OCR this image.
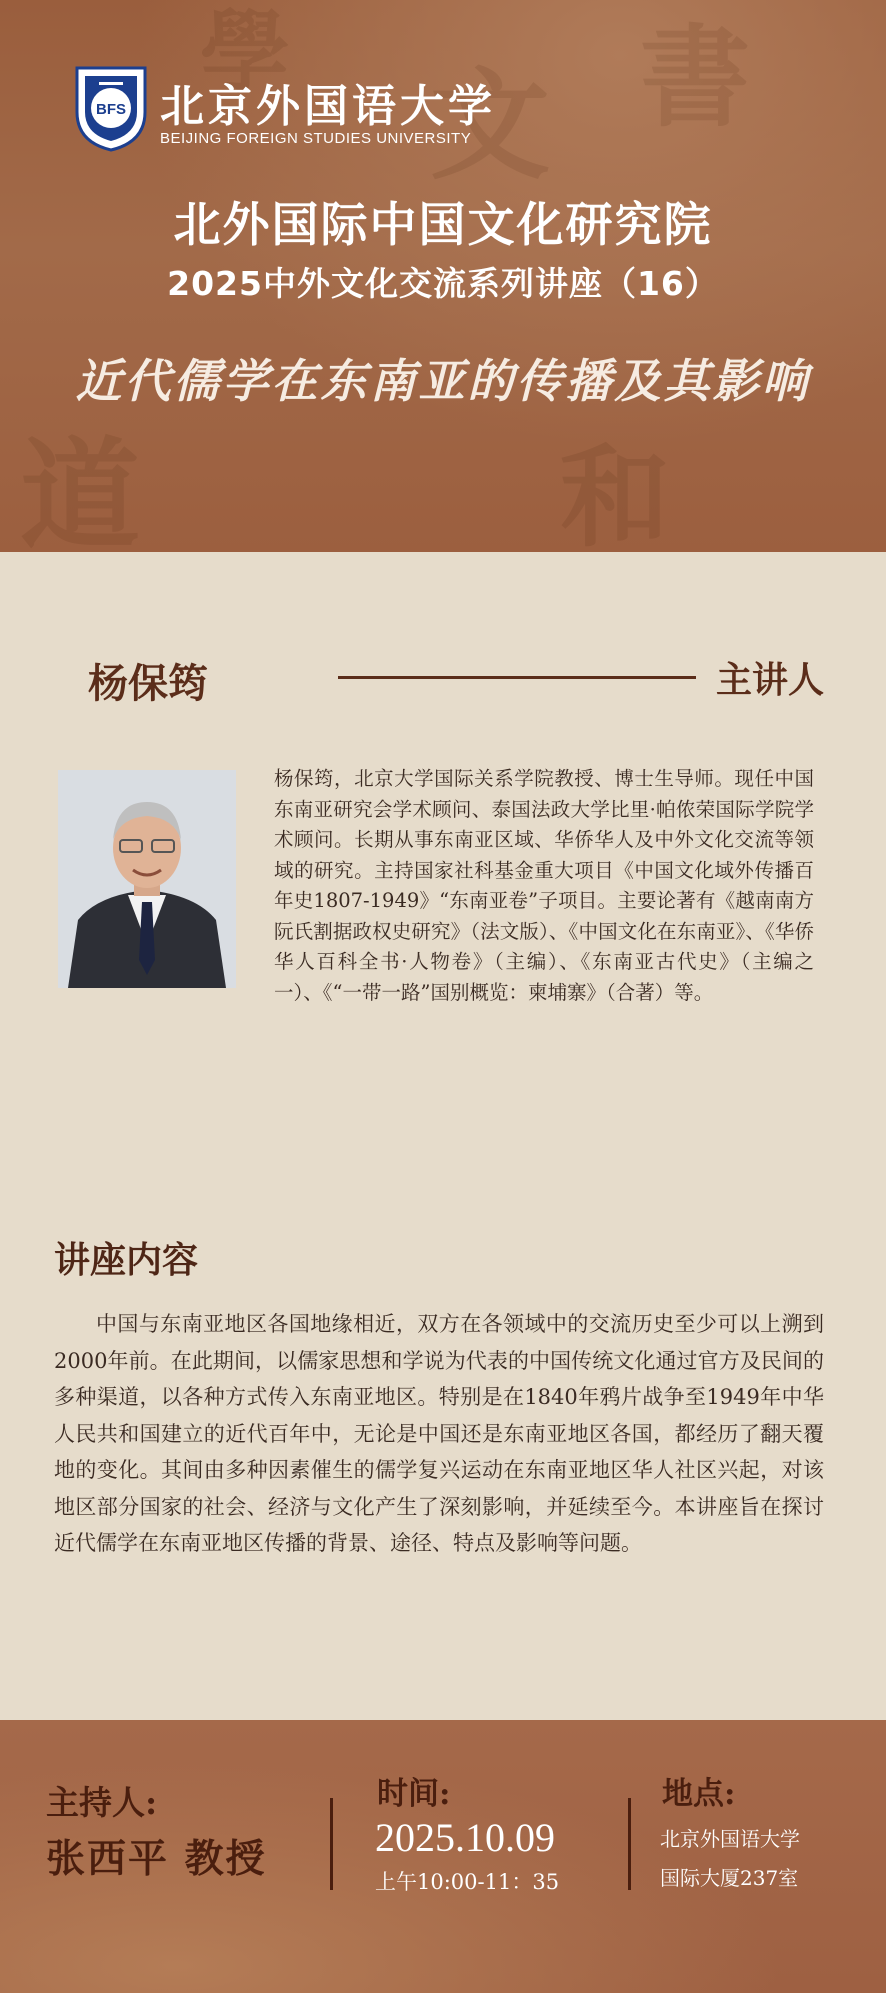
學
文 書
道	和
BFS 北京外国语大学
BEIJING FOREIGN STUDIES UNIVERSITY
北外国际中国文化研究院
2025中外文化交流系列讲座（16）
近代儒学在东南亚的传播及其影响
杨保筠	主讲人

杨保筠，北京大学国际关系学院教授、博士生导师。现任中国东南亚研究会学术顾问、泰国法政大学比里·帕侬荣国际学院学术顾问。长期从事东南亚区域、华侨华人及中外文化交流等领域的研究。主持国家社科基金重大项目《中国文化域外传播百年史1807-1949》“东南亚卷”子项目。主要论著有《越南南方阮氏割据政权史研究》（法文版）、《中国文化在东南亚》、《华侨华人百科全书·人物卷》（主编）、《东南亚古代史》（主编之一）、《“一带一路”国别概览：柬埔寨》（合著）等。

讲座内容

中国与东南亚地区各国地缘相近，双方在各领域中的交流历史至少可以上溯到2000年前。在此期间，以儒家思想和学说为代表的中国传统文化通过官方及民间的多种渠道，以各种方式传入东南亚地区。特别是在1840年鸦片战争至1949年中华人民共和国建立的近代百年中，无论是中国还是东南亚地区各国，都经历了翻天覆地的变化。其间由多种因素催生的儒学复兴运动在东南亚地区华人社区兴起，对该地区部分国家的社会、经济与文化产生了深刻影响，并延续至今。本讲座旨在探讨近代儒学在东南亚地区传播的背景、途径、特点及影响等问题。

主持人:
张西平 教授
时间:
2025.10.09
上午10:00-11：35
地点:
北京外国语大学
国际大厦237室
